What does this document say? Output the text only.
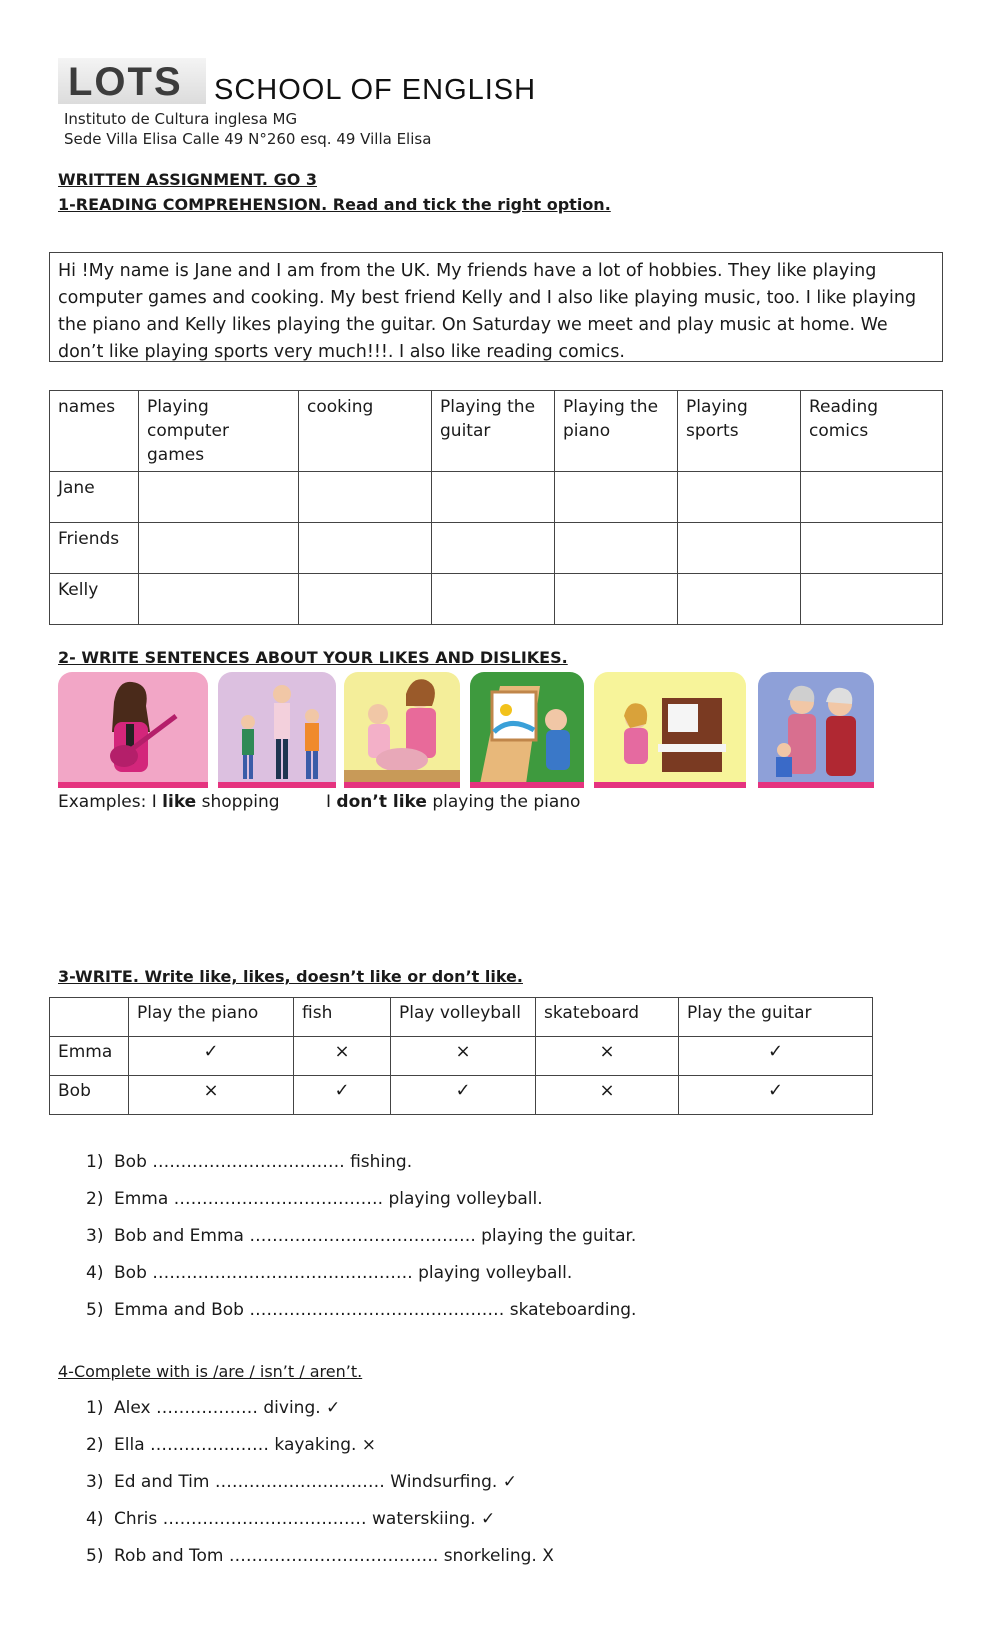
LOTS SCHOOL OF ENGLISH
Instituto de Cultura inglesa MG
Sede Villa Elisa Calle 49 N°260 esq. 49 Villa Elisa
WRITTEN ASSIGNMENT. GO 3
1-READING COMPREHENSION. Read and tick the right option.
Hi !My name is Jane and I am from the UK. My friends have a lot of hobbies. They like playing computer games and cooking. My best friend Kelly and I also like playing music, too. I like playing the piano and Kelly likes playing the guitar. On Saturday we meet and play music at home. We don’t like playing sports very much!!!. I also like reading comics.
names	Playing computer games	cooking	Playing the guitar	Playing the piano	Playing sports	Reading comics
Jane						
Friends						
Kelly						
2- WRITE SENTENCES ABOUT YOUR LIKES AND DISLIKES.
Examples: I like shopping	I don’t like playing the piano
3-WRITE. Write like, likes, doesn’t like or don’t like.
	Play the piano	fish	Play volleyball	skateboard	Play the guitar
Emma	✓	×	×	×	✓
Bob	×	✓	✓	×	✓
1) Bob ……………………………. fishing.
2) Emma ………………………………. playing volleyball.
3) Bob and Emma …………………………………. playing the guitar.
4) Bob ………………………………………. playing volleyball.
5) Emma and Bob ……………………………………… skateboarding.
4-Complete with is /are / isn’t / aren’t.
1) Alex ……………… diving. ✓
2) Ella ………………… kayaking. ×
3) Ed and Tim ………………………… Windsurfing. ✓
4) Chris ……………………………… waterskiing. ✓
5) Rob and Tom ………………………………. snorkeling. X
